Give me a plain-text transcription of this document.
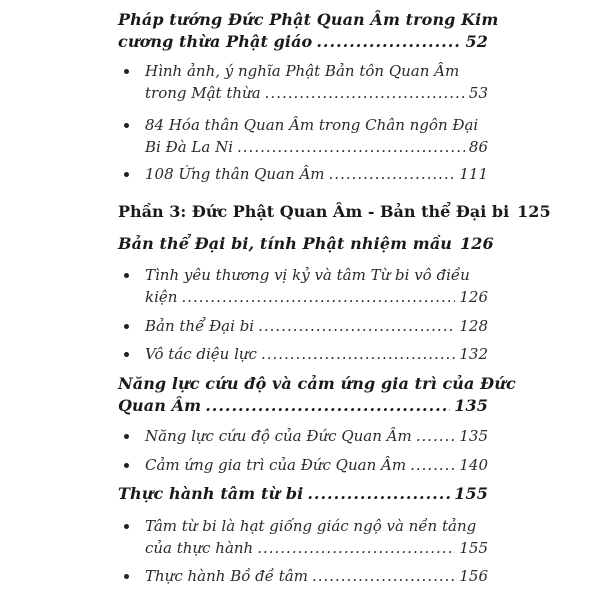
Pháp tướng Đức Phật Quan Âm trong Kim
cương thừa Phật giáo .....	52
Hình ảnh, ý nghĩa Phật Bản tôn Quan Âm
trong Mật thừa .....	53
84 Hóa thân Quan Âm trong Chân ngôn Đại
Bi Đà La Ni .....	86
108 Ứng thân Quan Âm .....	111
Phần 3: Đức Phật Quan Âm - Bản thể Đại bi 125
Bản thể Đại bi, tính Phật nhiệm mầu 126
Tình yêu thương vị kỷ và tâm Từ bi vô điều
kiện .....	126
Bản thể Đại bi .....	128
Vô tác diệu lực .....	132
Năng lực cứu độ và cảm ứng gia trì của Đức
Quan Âm .....	135
Năng lực cứu độ của Đức Quan Âm .....	135
Cảm ứng gia trì của Đức Quan Âm .....	140
Thực hành tâm từ bi .....	155
Tâm từ bi là hạt giống giác ngộ và nền tảng
của thực hành .....	155
Thực hành Bồ đề tâm .....	156
